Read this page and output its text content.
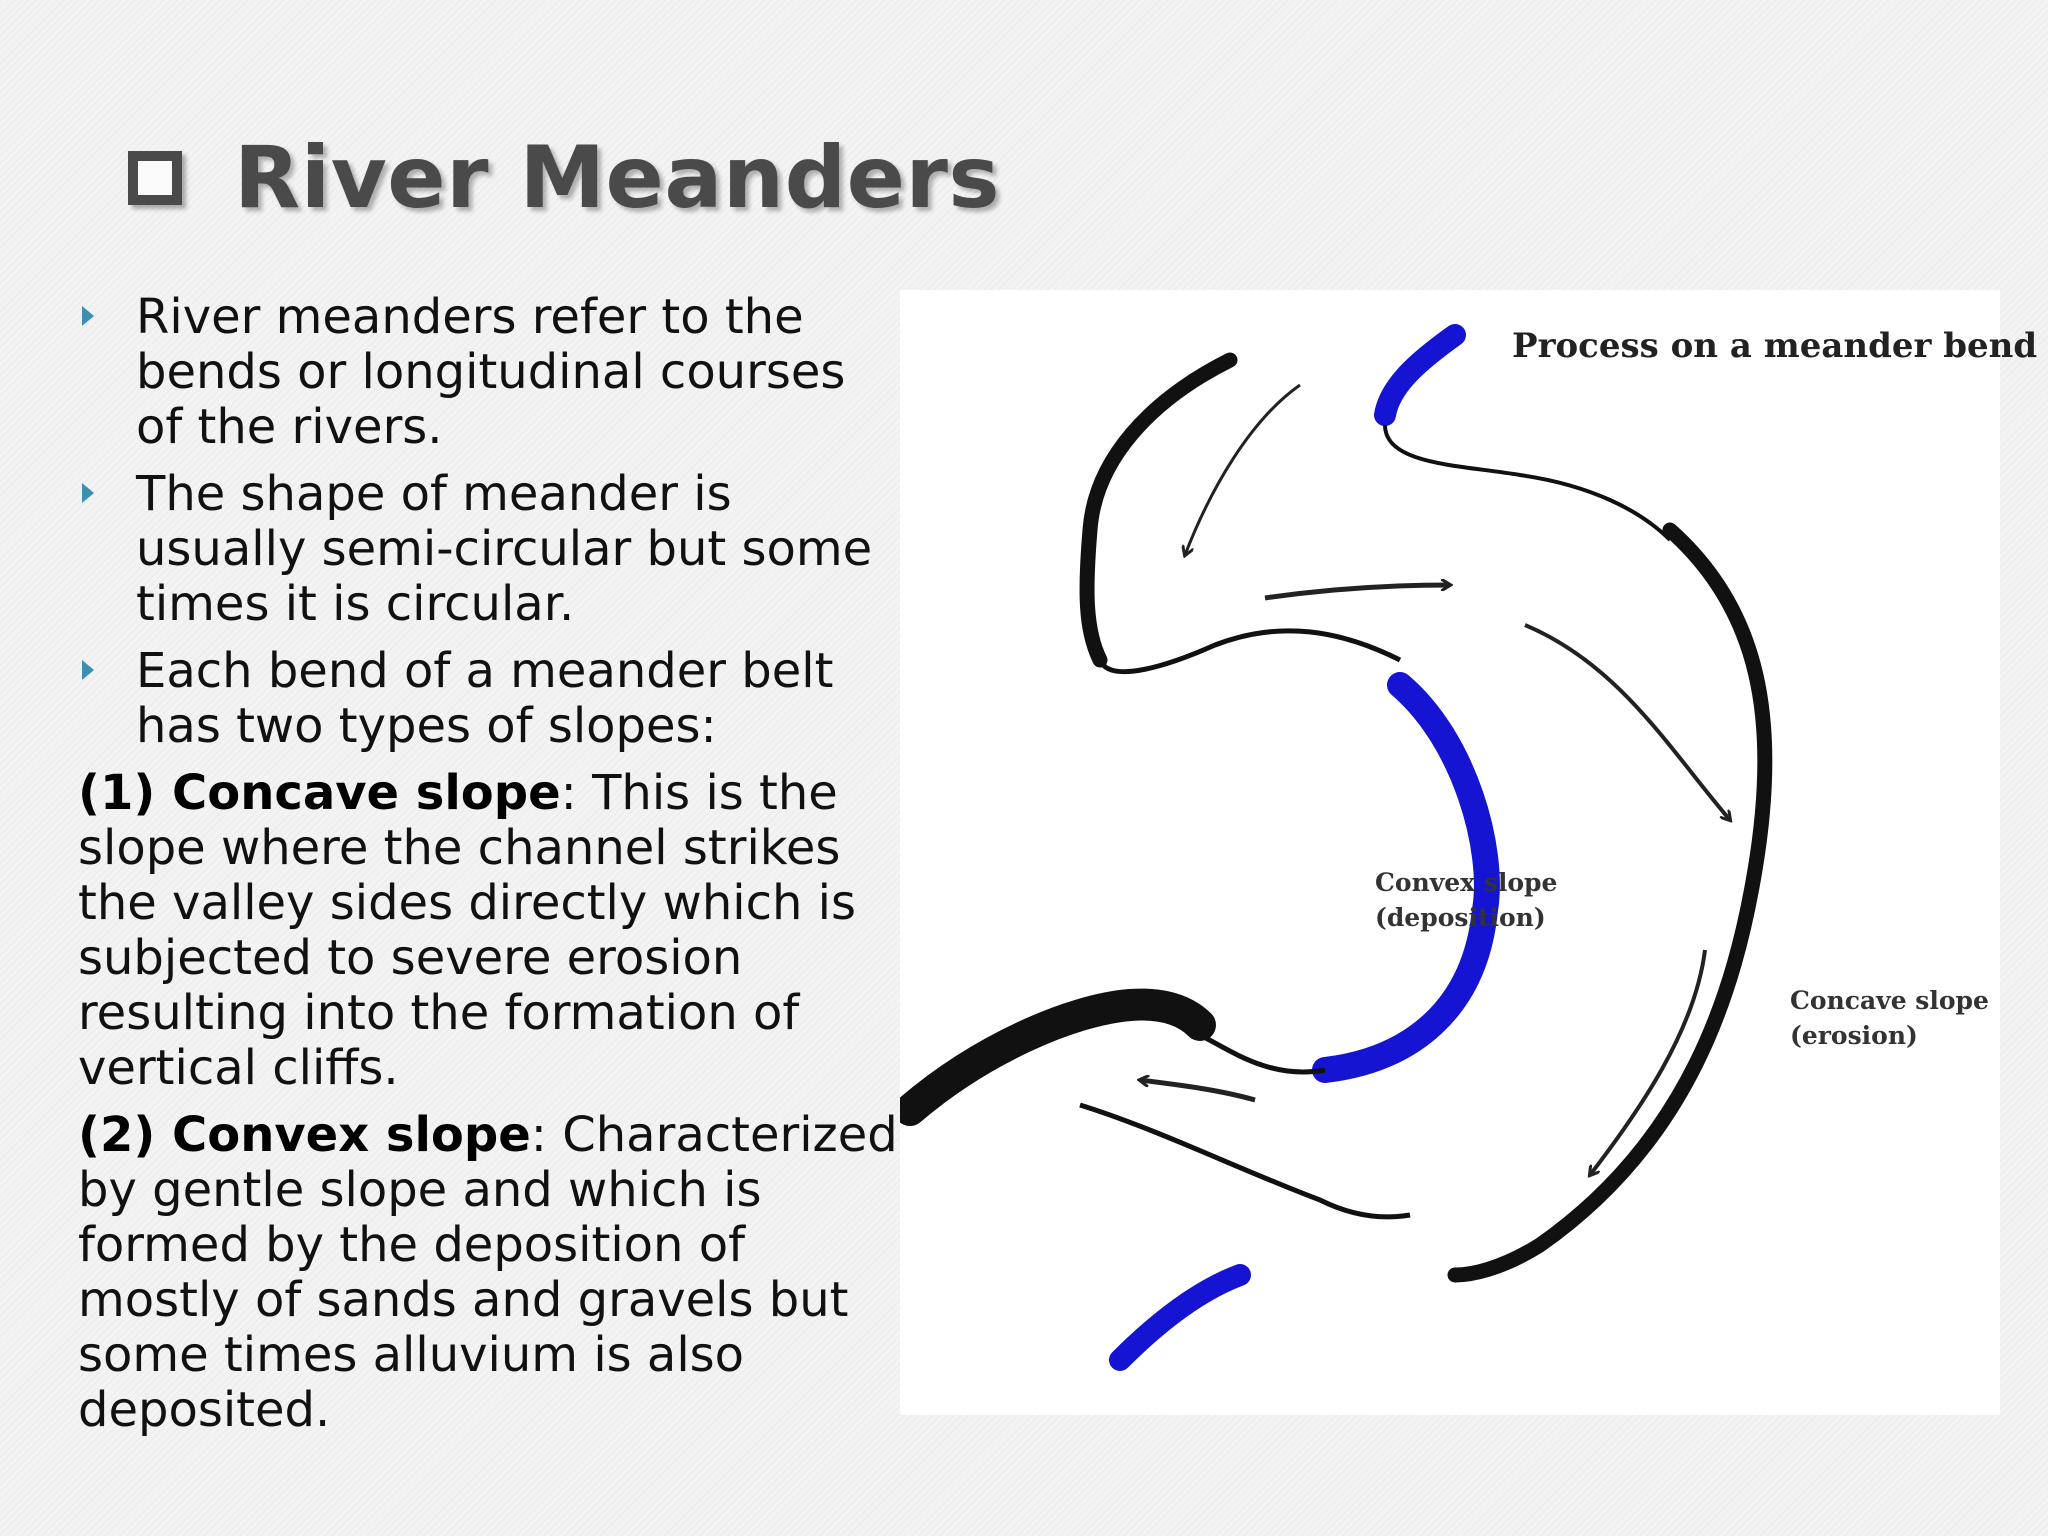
River Meanders
River meanders refer to the bends or longitudinal courses of the rivers.
The shape of meander is usually semi-circular but some times it is circular.
Each bend of a meander belt has two types of slopes:
(1) Concave slope: This is the slope where the channel strikes the valley sides directly which is subjected to severe erosion resulting into the formation of vertical cliffs.
(2) Convex slope: Characterized by gentle slope and which is formed by the deposition of mostly of sands and gravels but some times alluvium is also deposited.
Process on a meander bend
Convex slope
(deposition)
Concave slope
(erosion)
